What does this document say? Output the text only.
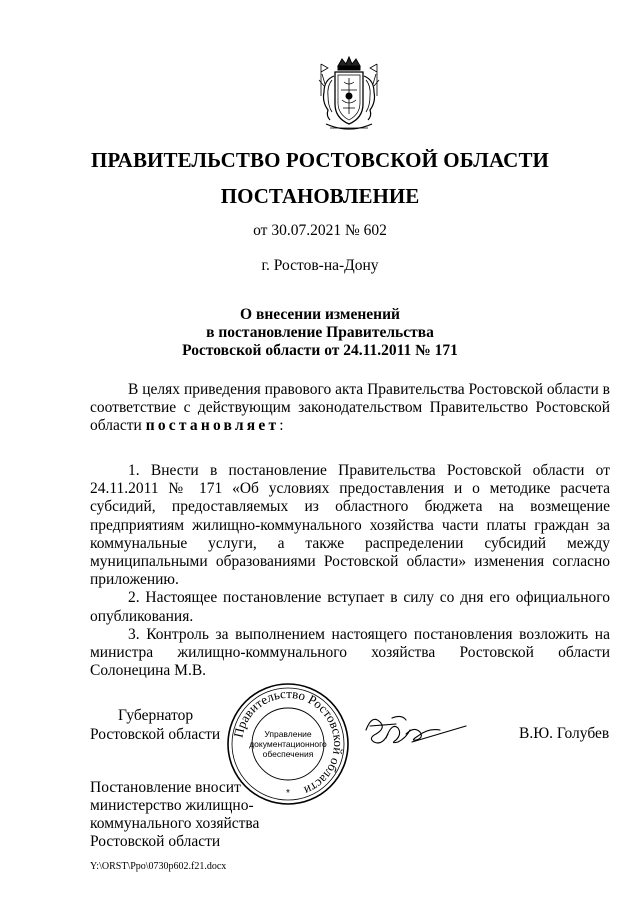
ПРАВИТЕЛЬСТВО РОСТОВСКОЙ ОБЛАСТИ
ПОСТАНОВЛЕНИЕ
от 30.07.2021 № 602
г. Ростов-на-Дону
О внесении изменений
в постановление Правительства
Ростовской области от 24.11.2011 № 171
В целях приведения правового акта Правительства Ростовской области в соответствие с действующим законодательством Правительство Ростовской области постановляет:
1. Внести в постановление Правительства Ростовской области от 24.11.2011 № 171 «Об условиях предоставления и о методике расчета субсидий, предоставляемых из областного бюджета на возмещение предприятиям жилищно-коммунального хозяйства части платы граждан за коммунальные услуги, а также распределении субсидий между муниципальными образованиями Ростовской области» изменения согласно приложению.
2. Настоящее постановление вступает в силу со дня его официального опубликования.
3. Контроль за выполнением настоящего постановления возложить на министра жилищно-коммунального хозяйства Ростовской области Солонецина М.В.
Правительство Ростовской области
Управление
документационного
обеспечения
*
Губернатор
Ростовской области	В.Ю. Голубев
Постановление вносит
министерство жилищно-
коммунального хозяйства
Ростовской области
Y:\ORST\Ppo\0730p602.f21.docx
